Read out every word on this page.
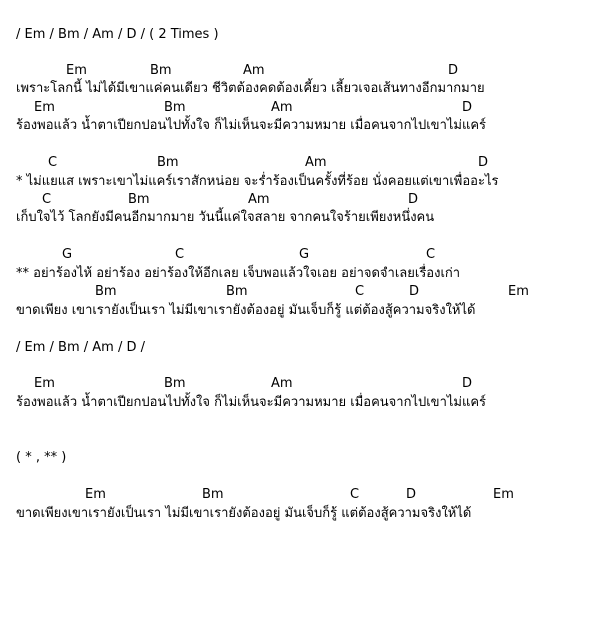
/ Em / Bm / Am / D / ( 2 Times )
Em	Bm	Am	D
เพราะโลกนี้ ไม่ได้มีเขาแค่คนเดียว ชีวิตต้องคดต้องเคี้ยว เลี้ยวเจอเส้นทางอีกมากมาย
Em	Bm	Am	D
ร้องพอแล้ว น้ำตาเปียกปอนไปทั้งใจ ก็ไม่เห็นจะมีความหมาย เมื่อคนจากไปเขาไม่แคร์
C	Bm	Am	D
* ไม่แยแส เพราะเขาไม่แคร์เราสักหน่อย จะร่ำร้องเป็นครั้งที่ร้อย นั่งคอยแต่เขาเพื่ออะไร
C	Bm	Am	D
เก็บใจไว้ โลกยังมีคนอีกมากมาย วันนี้แค่ใจสลาย จากคนใจร้ายเพียงหนึ่งคน
G	C	G	C
** อย่าร้องไห้ อย่าร้อง อย่าร้องให้อีกเลย เจ็บพอแล้วใจเอย อย่าจดจำเลยเรื่องเก่า
Bm	Bm	C	D	Em
ขาดเพียง เขาเรายังเป็นเรา ไม่มีเขาเรายังต้องอยู่ มันเจ็บก็รู้ แต่ต้องสู้ความจริงให้ได้
/ Em / Bm / Am / D /
Em	Bm	Am	D
ร้องพอแล้ว น้ำตาเปียกปอนไปทั้งใจ ก็ไม่เห็นจะมีความหมาย เมื่อคนจากไปเขาไม่แคร์
( * , ** )
Em	Bm	C	D	Em
ขาดเพียงเขาเรายังเป็นเรา ไม่มีเขาเรายังต้องอยู่ มันเจ็บก็รู้ แต่ต้องสู้ความจริงให้ได้
